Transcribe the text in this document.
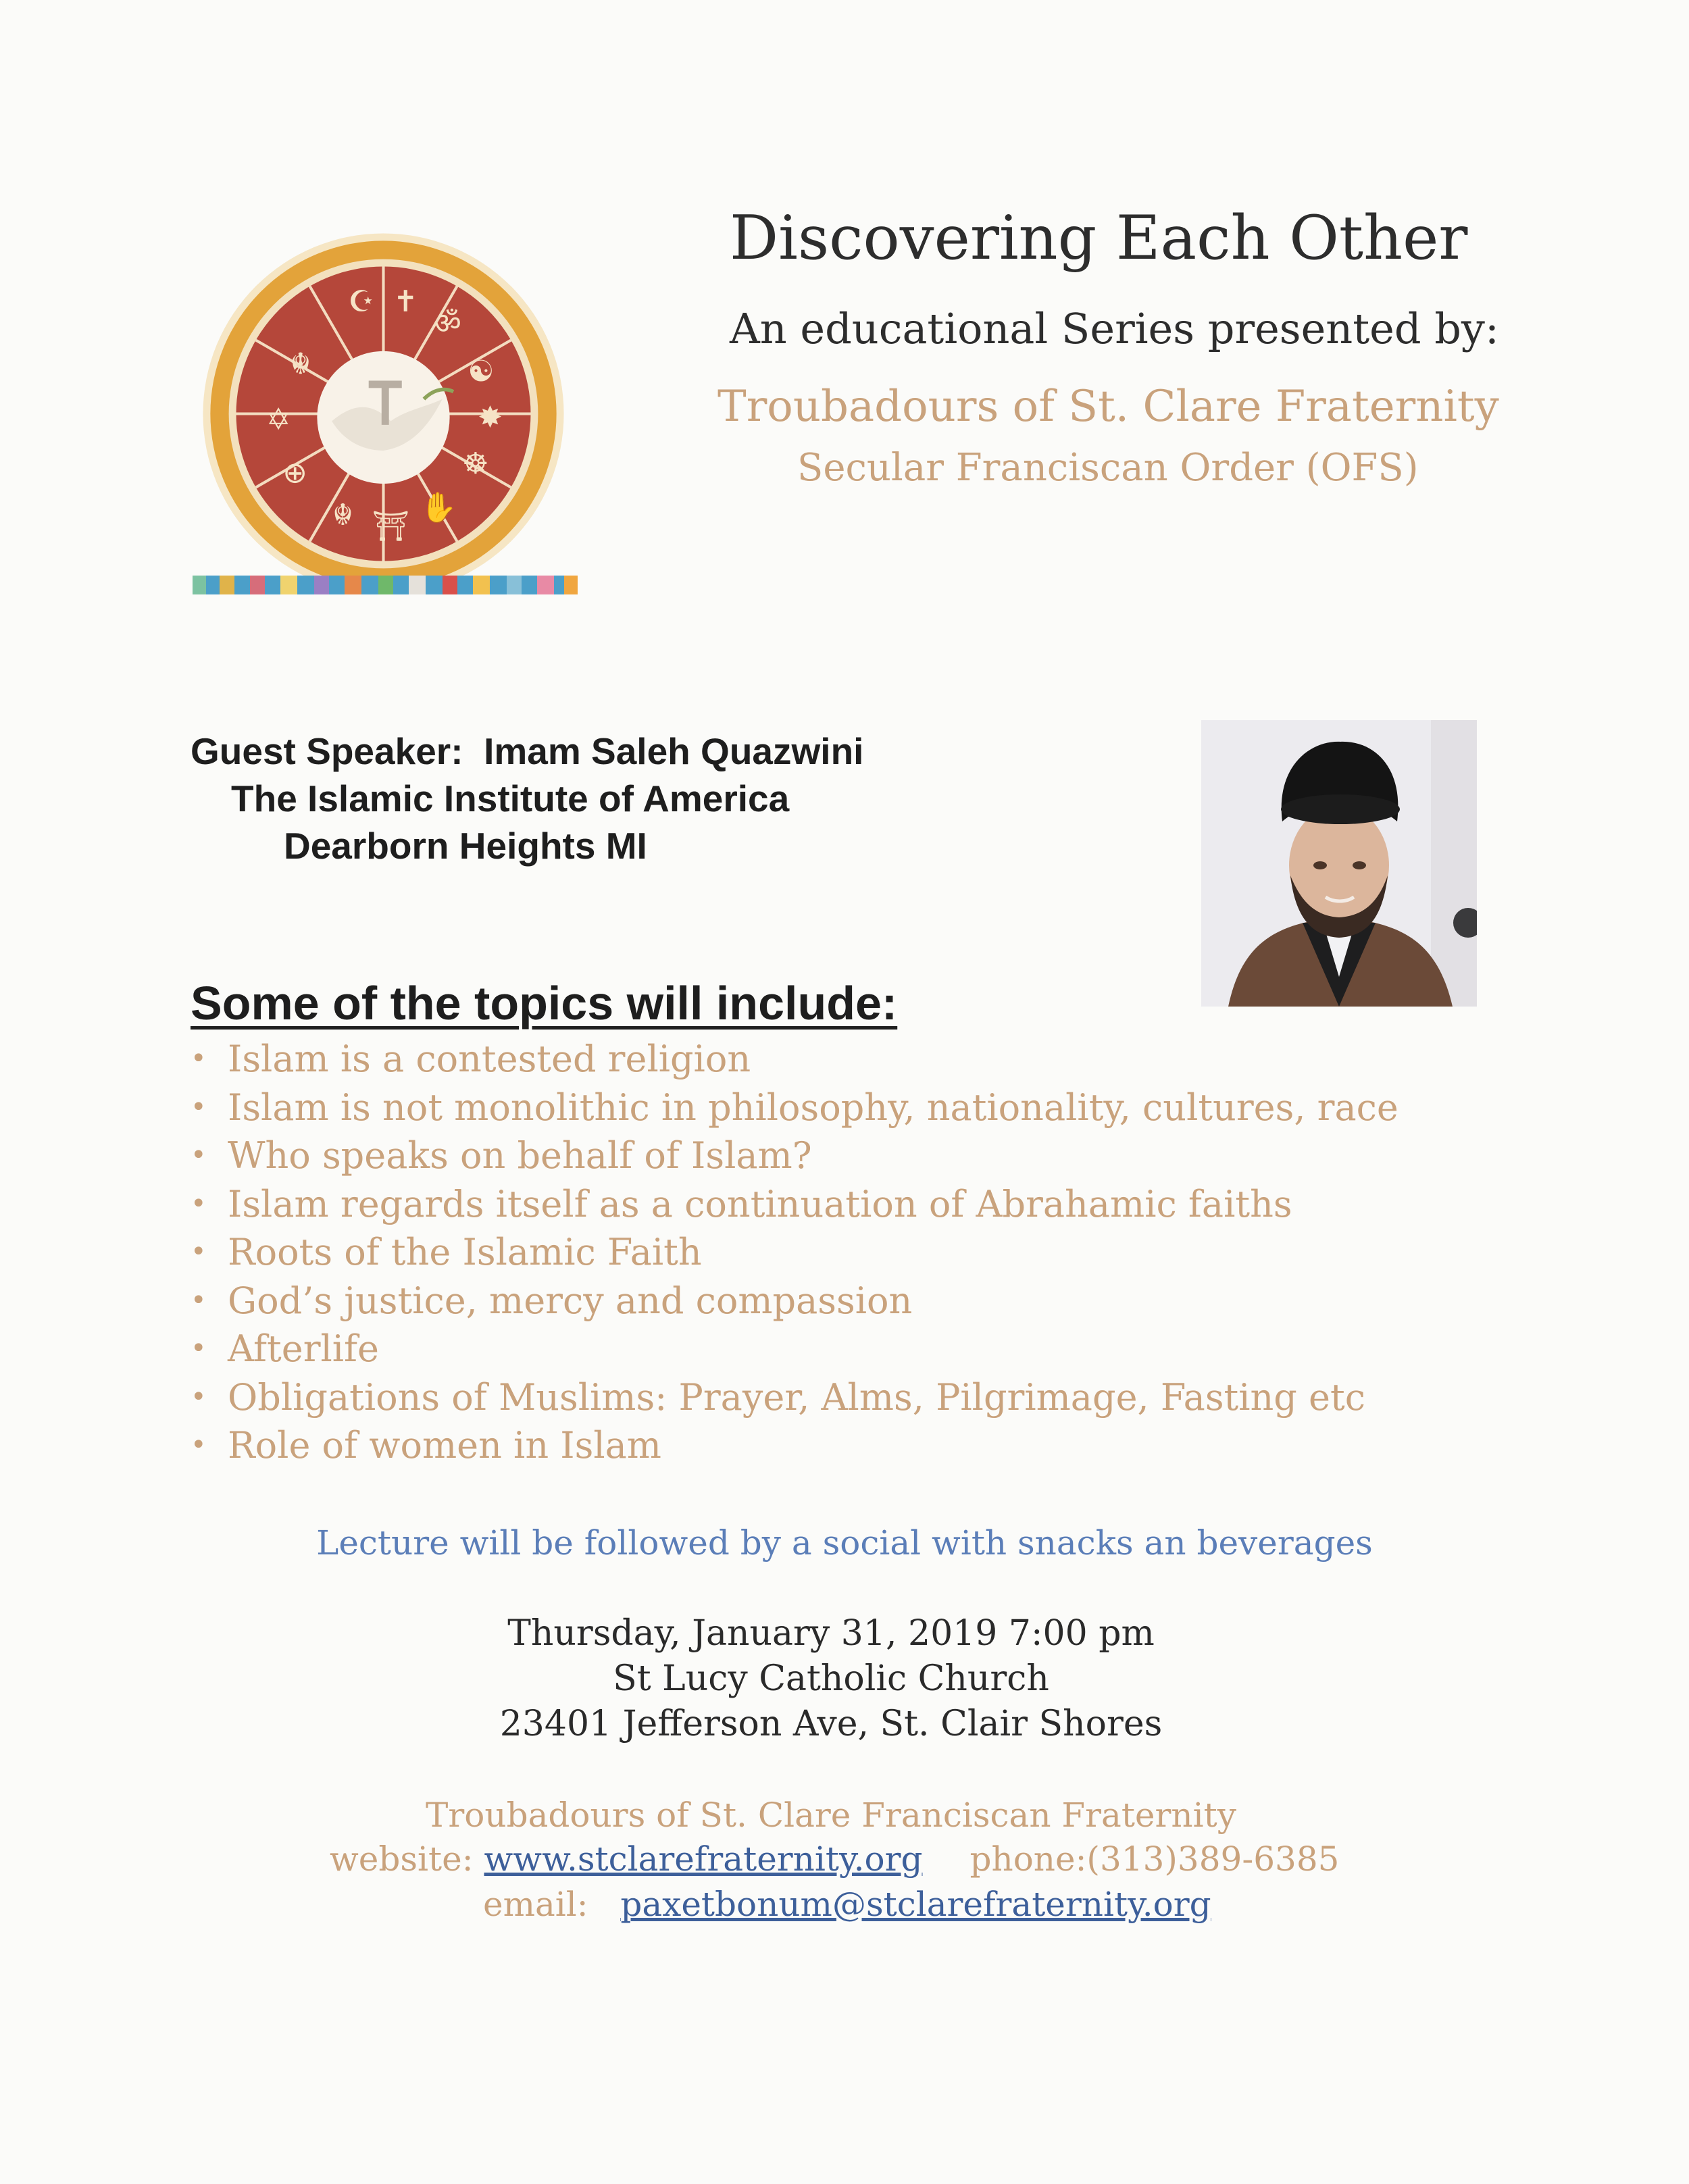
Discovering Each Other
An educational Series presented by:
Troubadours of St. Clare Fraternity
Secular Franciscan Order (OFS)
☪ ✝
ॐ
☯
✸
☸
✋
⛩
☬
⊕
✡
☬
Guest Speaker: Imam Saleh Quazwini
The Islamic Institute of America
Dearborn Heights MI
Some of the topics will include:
• Islam is a contested religion
• Islam is not monolithic in philosophy, nationality, cultures, race
• Who speaks on behalf of Islam?
• Islam regards itself as a continuation of Abrahamic faiths
• Roots of the Islamic Faith
• God’s justice, mercy and compassion
• Afterlife
• Obligations of Muslims: Prayer, Alms, Pilgrimage, Fasting etc
• Role of women in Islam
Lecture will be followed by a social with snacks an beverages
Thursday, January 31, 2019 7:00 pm
St Lucy Catholic Church
23401 Jefferson Ave, St. Clair Shores
Troubadours of St. Clare Franciscan Fraternity
website: www.stclarefraternity.org phone:(313)389-6385
email: paxetbonum@stclarefraternity.org
